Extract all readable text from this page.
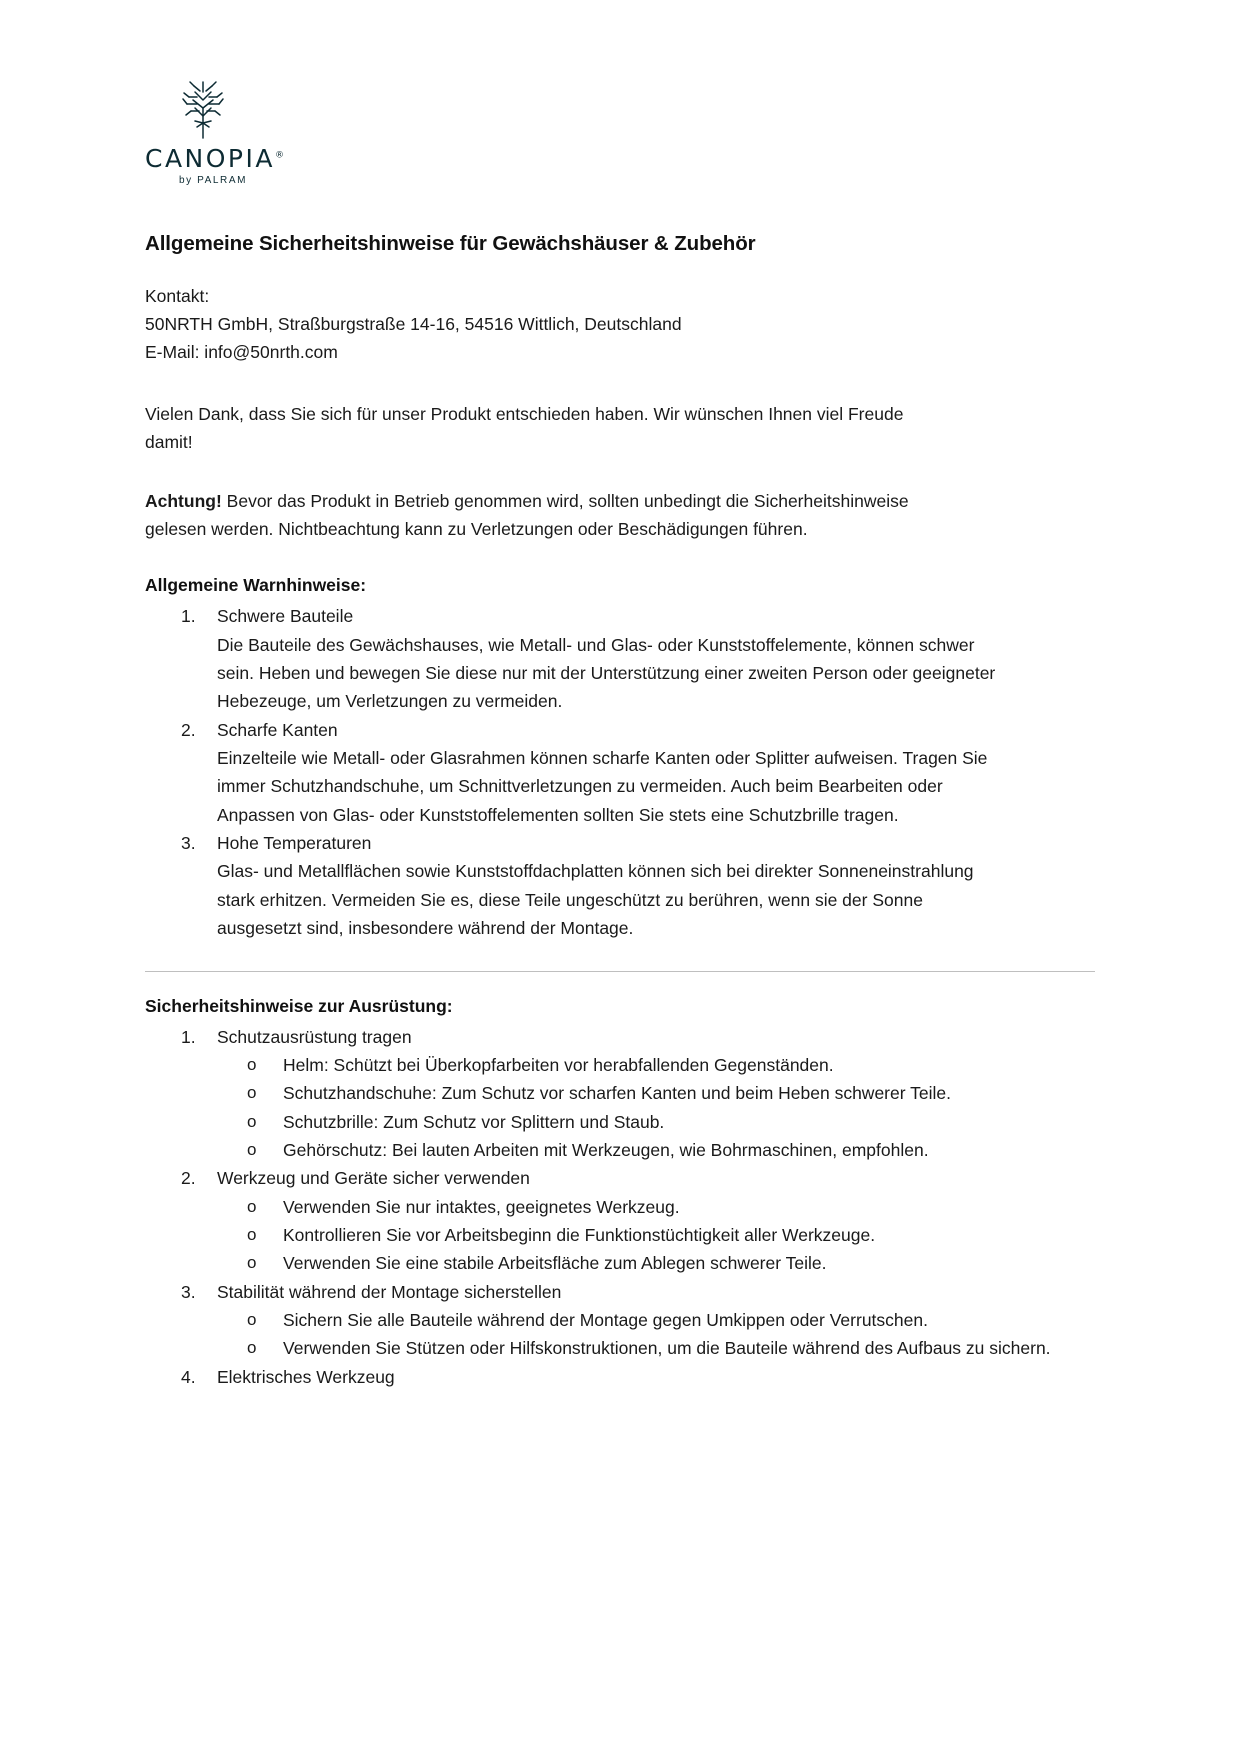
CANOPIA®
by PALRAM
Allgemeine Sicherheitshinweise für Gewächshäuser & Zubehör
Kontakt:
50NRTH GmbH, Straßburgstraße 14-16, 54516 Wittlich, Deutschland
E-Mail: info@50nrth.com

Vielen Dank, dass Sie sich für unser Produkt entschieden haben. Wir wünschen Ihnen viel Freude damit!

Achtung! Bevor das Produkt in Betrieb genommen wird, sollten unbedingt die Sicherheitshinweise gelesen werden. Nichtbeachtung kann zu Verletzungen oder Beschädigungen führen.

Allgemeine Warnhinweise:
1.	Schwere Bauteile
Die Bauteile des Gewächshauses, wie Metall- und Glas- oder Kunststoffelemente, können schwer sein. Heben und bewegen Sie diese nur mit der Unterstützung einer zweiten Person oder geeigneter Hebezeuge, um Verletzungen zu vermeiden.
2.	Scharfe Kanten
Einzelteile wie Metall- oder Glasrahmen können scharfe Kanten oder Splitter aufweisen. Tragen Sie immer Schutzhandschuhe, um Schnittverletzungen zu vermeiden. Auch beim Bearbeiten oder Anpassen von Glas- oder Kunststoffelementen sollten Sie stets eine Schutzbrille tragen.
3.	Hohe Temperaturen
Glas- und Metallflächen sowie Kunststoffdachplatten können sich bei direkter Sonneneinstrahlung stark erhitzen. Vermeiden Sie es, diese Teile ungeschützt zu berühren, wenn sie der Sonne ausgesetzt sind, insbesondere während der Montage.
Sicherheitshinweise zur Ausrüstung:
1.	Schutzausrüstung tragen
o Helm: Schützt bei Überkopfarbeiten vor herabfallenden Gegenständen.
o Schutzhandschuhe: Zum Schutz vor scharfen Kanten und beim Heben schwerer Teile.
o Schutzbrille: Zum Schutz vor Splittern und Staub.
o Gehörschutz: Bei lauten Arbeiten mit Werkzeugen, wie Bohrmaschinen, empfohlen.
2.	Werkzeug und Geräte sicher verwenden
o Verwenden Sie nur intaktes, geeignetes Werkzeug.
o Kontrollieren Sie vor Arbeitsbeginn die Funktionstüchtigkeit aller Werkzeuge.
o Verwenden Sie eine stabile Arbeitsfläche zum Ablegen schwerer Teile.
3.	Stabilität während der Montage sicherstellen
o Sichern Sie alle Bauteile während der Montage gegen Umkippen oder Verrutschen.
o Verwenden Sie Stützen oder Hilfskonstruktionen, um die Bauteile während des Aufbaus zu sichern.
4.	Elektrisches Werkzeug
